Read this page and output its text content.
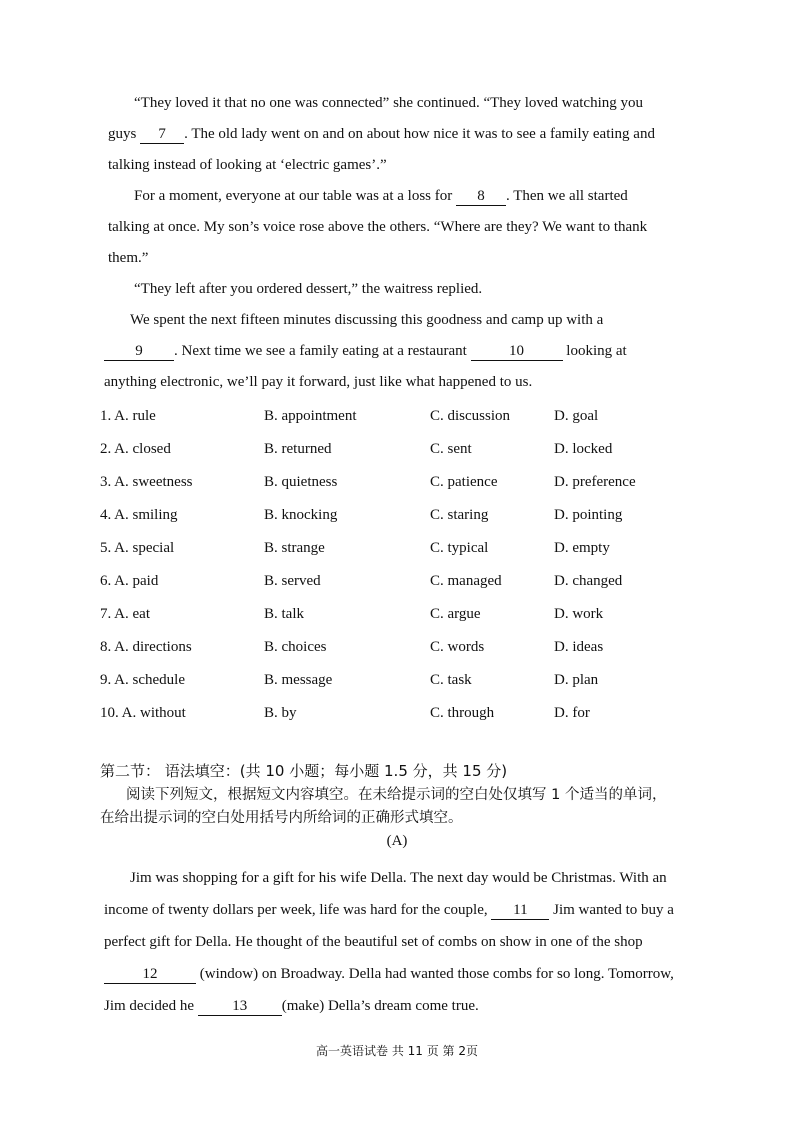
“They loved it that no one was connected” she continued. “They loved watching you guys 7 . The old lady went on and on about how nice it was to see a family eating and talking instead of looking at ‘electric games’.”

For a moment, everyone at our table was at a loss for 8 . Then we all started talking at once. My son’s voice rose above the others. “Where are they? We want to thank them.”

“They left after you ordered dessert,” the waitress replied.

We spent the next fifteen minutes discussing this goodness and camp up with a 9 . Next time we see a family eating at a restaurant	10	looking at anything electronic, we’ll pay it forward, just like what happened to us.

1. A. rule	B. appointment	C. discussion	D. goal
2. A. closed	B. returned	C. sent	D. locked
3. A. sweetness	B. quietness	C. patience	D. preference
4. A. smiling	B. knocking	C. staring	D. pointing
5. A. special	B. strange	C. typical	D. empty
6. A. paid	B. served	C. managed	D. changed
7. A. eat	B. talk	C. argue	D. work
8. A. directions	B. choices	C. words	D. ideas
9. A. schedule	B. message	C. task	D. plan
10. A. without	B. by	C. through	D. for
第二节： 语法填空：(共 10 小题；每小题 1.5 分，共 15 分)

阅读下列短文，根据短文内容填空。在未给提示词的空白处仅填写 1 个适当的单词，在给出提示词的空白处用括号内所给词的正确形式填空。

(A)

Jim was shopping for a gift for his wife Della. The next day would be Christmas. With an income of twenty dollars per week, life was hard for the couple, 11 Jim wanted to buy a perfect gift for Della. He thought of the beautiful set of combs on show in one of the shop 12	(window) on Broadway. Della had wanted those combs for so long. Tomorrow, Jim decided he	13 (make) Della’s dream come true.

高一英语试卷 共 11 页 第 2页
